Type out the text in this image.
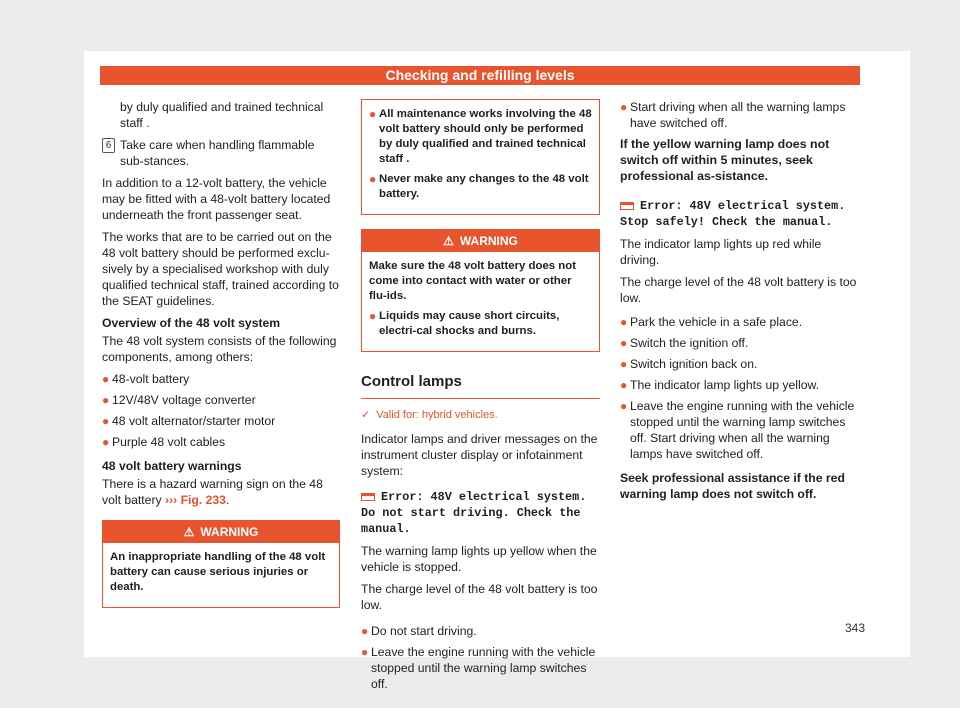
Checking and refilling levels

by duly qualified and trained technical staff .

6 Take care when handling flammable sub-stances.

In addition to a 12-volt battery, the vehicle may be fitted with a 48-volt battery located underneath the front passenger seat.

The works that are to be carried out on the 48 volt battery should be performed exclu-sively by a specialised workshop with duly qualified technical staff, trained according to the SEAT guidelines.

Overview of the 48 volt system

The 48 volt system consists of the following components, among others:

● 48-volt battery
● 12V/48V voltage converter
● 48 volt alternator/starter motor
● Purple 48 volt cables

48 volt battery warnings

There is a hazard warning sign on the 48 volt battery ››› Fig. 233.

⚠ WARNING

An inappropriate handling of the 48 volt battery can cause serious injuries or death.

● All maintenance works involving the 48 volt battery should only be performed by duly qualified and trained technical staff .
● Never make any changes to the 48 volt battery.
⚠ WARNING

Make sure the 48 volt battery does not come into contact with water or other flu-ids.

● Liquids may cause short circuits, electri-cal shocks and burns.
Control lamps
✓ Valid for: hybrid vehicles.

Indicator lamps and driver messages on the instrument cluster display or infotainment system:

Error: 48V electrical system. Do not start driving. Check the manual.

The warning lamp lights up yellow when the vehicle is stopped.

The charge level of the 48 volt battery is too low.

● Do not start driving.
● Leave the engine running with the vehicle stopped until the warning lamp switches off.
● Start driving when all the warning lamps have switched off.

If the yellow warning lamp does not switch off within 5 minutes, seek professional as-sistance.

Error: 48V electrical system. Stop safely! Check the manual.

The indicator lamp lights up red while driving.

The charge level of the 48 volt battery is too low.

● Park the vehicle in a safe place.
● Switch the ignition off.
● Switch ignition back on.
● The indicator lamp lights up yellow.
● Leave the engine running with the vehicle stopped until the warning lamp switches off. Start driving when all the warning lamps have switched off.

Seek professional assistance if the red warning lamp does not switch off.

343
